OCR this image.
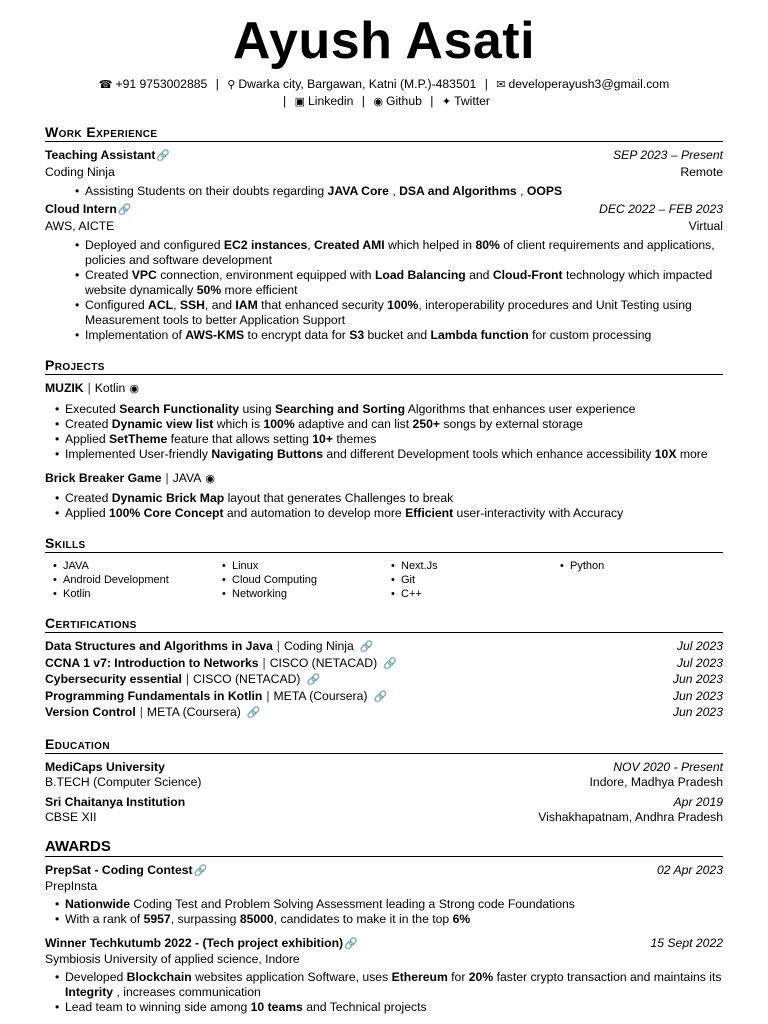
Ayush Asati
☎ +91 9753002885 | ⚲ Dwarka city, Bargawan, Katni (M.P.)-483501 | ✉ developerayush3@gmail.com
| ▣ Linkedin | ◉ Github | ✦ Twitter
Work Experience
Teaching Assistant🔗	SEP 2023 – Present
Coding Ninja	Remote
• Assisting Students on their doubts regarding JAVA Core , DSA and Algorithms , OOPS
Cloud Intern🔗	DEC 2022 – FEB 2023
AWS, AICTE	Virtual
• Deployed and configured EC2 instances, Created AMI which helped in 80% of client requirements and applications, policies and software development
• Created VPC connection, environment equipped with Load Balancing and Cloud-Front technology which impacted website dynamically 50% more efficient
• Configured ACL, SSH, and IAM that enhanced security 100%, interoperability procedures and Unit Testing using Measurement tools to better Application Support
• Implementation of AWS-KMS to encrypt data for S3 bucket and Lambda function for custom processing
Projects
MUZIK | Kotlin ◉
• Executed Search Functionality using Searching and Sorting Algorithms that enhances user experience
• Created Dynamic view list which is 100% adaptive and can list 250+ songs by external storage
• Applied SetTheme feature that allows setting 10+ themes
• Implemented User-friendly Navigating Buttons and different Development tools which enhance accessibility 10X more
Brick Breaker Game | JAVA ◉
• Created Dynamic Brick Map layout that generates Challenges to break
• Applied 100% Core Concept and automation to develop more Efficient user-interactivity with Accuracy
Skills
• JAVA	• Linux	• Next.Js	• Python
• Android Development	• Cloud Computing	• Git
• Kotlin	• Networking	• C++
Certifications
Data Structures and Algorithms in Java | Coding Ninja 🔗	Jul 2023
CCNA 1 v7: Introduction to Networks | CISCO (NETACAD) 🔗	Jul 2023
Cybersecurity essential | CISCO (NETACAD) 🔗	Jun 2023
Programming Fundamentals in Kotlin | META (Coursera) 🔗	Jun 2023
Version Control | META (Coursera) 🔗	Jun 2023
Education
MediCaps University	NOV 2020 - Present
B.TECH (Computer Science)	Indore, Madhya Pradesh
Sri Chaitanya Institution	Apr 2019
CBSE XII	Vishakhapatnam, Andhra Pradesh
AWARDS
PrepSat - Coding Contest🔗	02 Apr 2023
PrepInsta
• Nationwide Coding Test and Problem Solving Assessment leading a Strong code Foundations
• With a rank of 5957, surpassing 85000, candidates to make it in the top 6%
Winner Techkutumb 2022 - (Tech project exhibition)🔗	15 Sept 2022
Symbiosis University of applied science, Indore
• Developed Blockchain websites application Software, uses Ethereum for 20% faster crypto transaction and maintains its Integrity , increases communication
• Lead team to winning side among 10 teams and Technical projects
